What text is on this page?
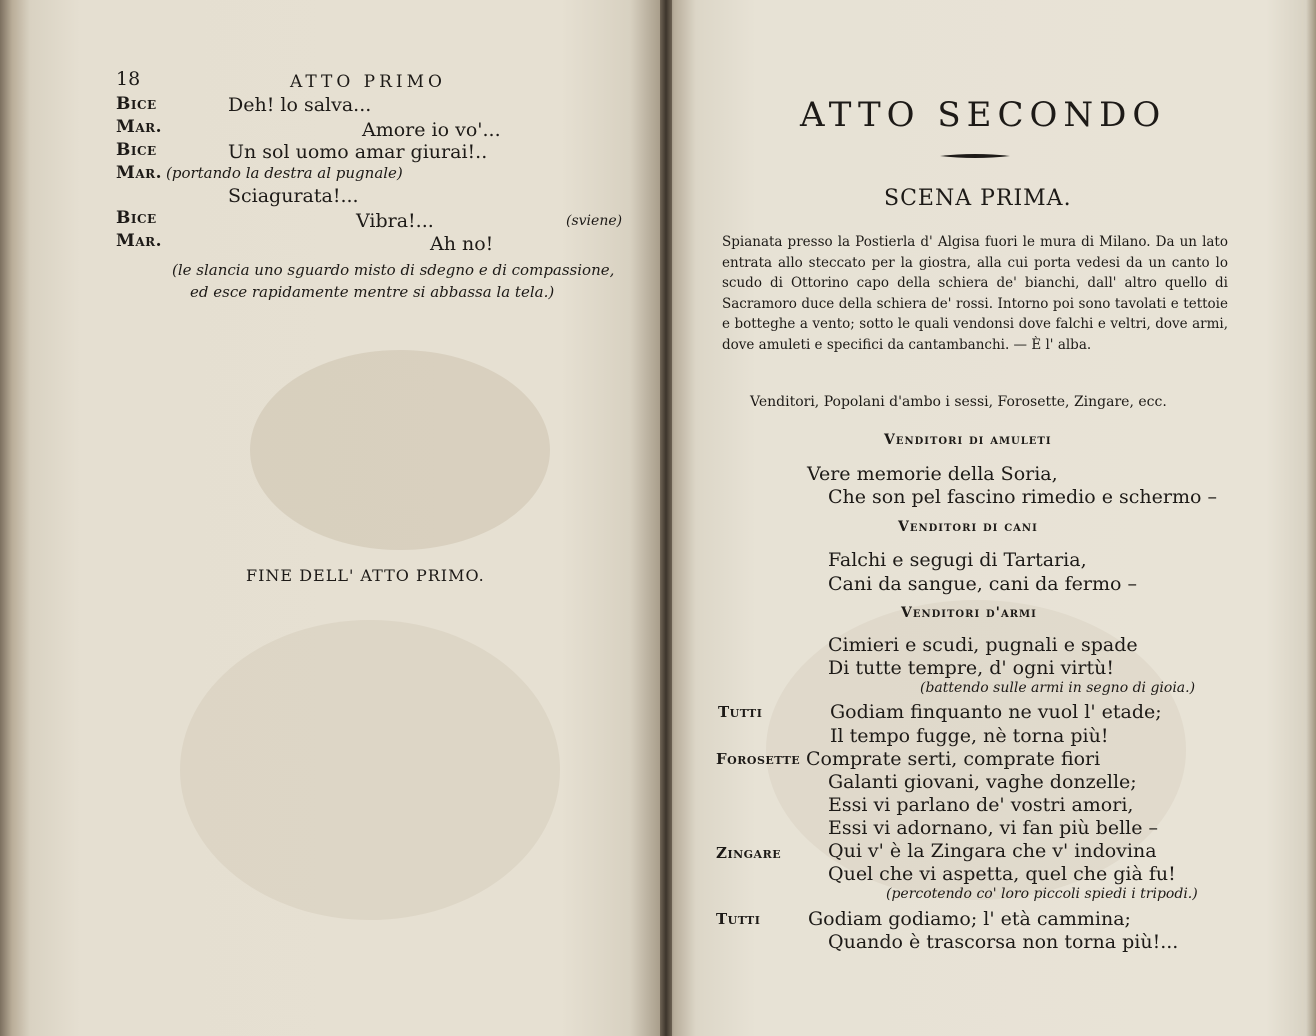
18	ATTO PRIMO
Bice	Deh! lo salva...
Mar.	Amore io vo'...
Bice	Un sol uomo amar giurai!..
Mar. (portando la destra al pugnale)
Sciagurata!...
Bice	Vibra!...	(sviene)
Mar.	Ah no!
(le slancia uno sguardo misto di sdegno e di compassione,
ed esce rapidamente mentre si abbassa la tela.)
FINE DELL' ATTO PRIMO.
ATTO SECONDO
SCENA PRIMA.
Spianata presso la Postierla d' Algisa fuori le mura di Milano. Da un lato entrata allo steccato per la giostra, alla cui porta vedesi da un canto lo scudo di Ottorino capo della schiera de' bianchi, dall' altro quello di Sacramoro duce della schiera de' rossi. Intorno poi sono tavolati e tettoie e botteghe a vento; sotto le quali vendonsi dove falchi e veltri, dove armi, dove amuleti e specifici da cantambanchi. — È l' alba.
Venditori, Popolani d'ambo i sessi, Forosette, Zingare, ecc.
Venditori di amuleti
Vere memorie della Soria,
Che son pel fascino rimedio e schermo –
Venditori di cani
Falchi e segugi di Tartaria,
Cani da sangue, cani da fermo –
Venditori d'armi
Cimieri e scudi, pugnali e spade
Di tutte tempre, d' ogni virtù!
(battendo sulle armi in segno di gioia.)
Tutti	Godiam finquanto ne vuol l' etade;
Il tempo fugge, nè torna più!
Forosette Comprate serti, comprate fiori
Galanti giovani, vaghe donzelle;
Essi vi parlano de' vostri amori,
Essi vi adornano, vi fan più belle –
Zingare Qui v' è la Zingara che v' indovina
Quel che vi aspetta, quel che già fu!
(percotendo co' loro piccoli spiedi i tripodi.)
Tutti	Godiam godiamo; l' età cammina;
Quando è trascorsa non torna più!...
